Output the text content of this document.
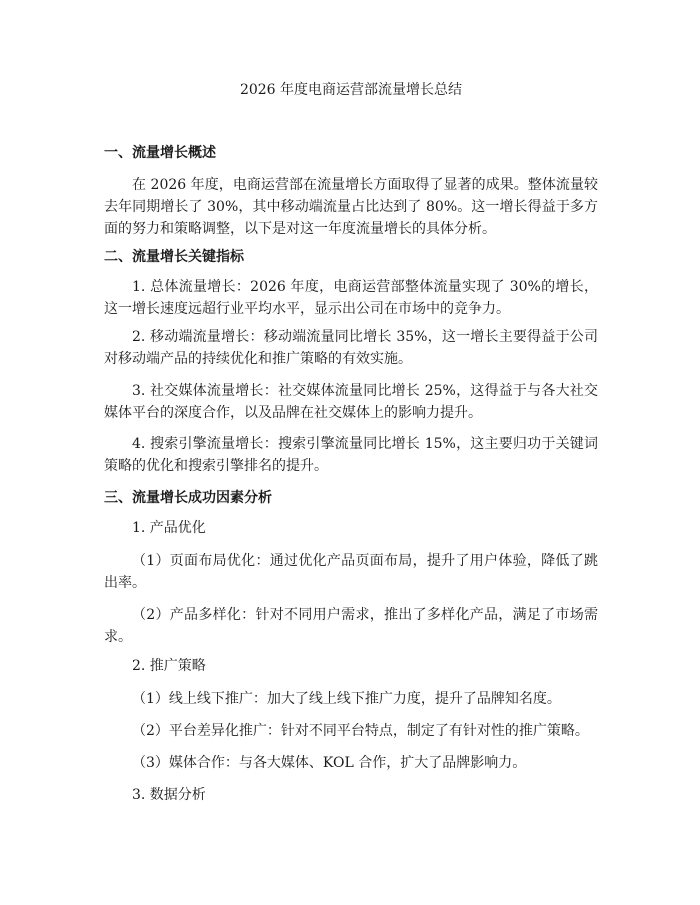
2026 年度电商运营部流量增长总结
一、流量增长概述
在 2026 年度，电商运营部在流量增长方面取得了显著的成果。整体流量较去年同期增长了 30%，其中移动端流量占比达到了 80%。这一增长得益于多方面的努力和策略调整，以下是对这一年度流量增长的具体分析。
二、流量增长关键指标
1. 总体流量增长：2026 年度，电商运营部整体流量实现了 30%的增长，这一增长速度远超行业平均水平，显示出公司在市场中的竞争力。
2. 移动端流量增长：移动端流量同比增长 35%，这一增长主要得益于公司对移动端产品的持续优化和推广策略的有效实施。
3. 社交媒体流量增长：社交媒体流量同比增长 25%，这得益于与各大社交媒体平台的深度合作，以及品牌在社交媒体上的影响力提升。
4. 搜索引擎流量增长：搜索引擎流量同比增长 15%，这主要归功于关键词策略的优化和搜索引擎排名的提升。
三、流量增长成功因素分析
1. 产品优化
（1）页面布局优化：通过优化产品页面布局，提升了用户体验，降低了跳出率。
（2）产品多样化：针对不同用户需求，推出了多样化产品，满足了市场需求。
2. 推广策略
（1）线上线下推广：加大了线上线下推广力度，提升了品牌知名度。
（2）平台差异化推广：针对不同平台特点，制定了有针对性的推广策略。
（3）媒体合作：与各大媒体、KOL 合作，扩大了品牌影响力。
3. 数据分析
